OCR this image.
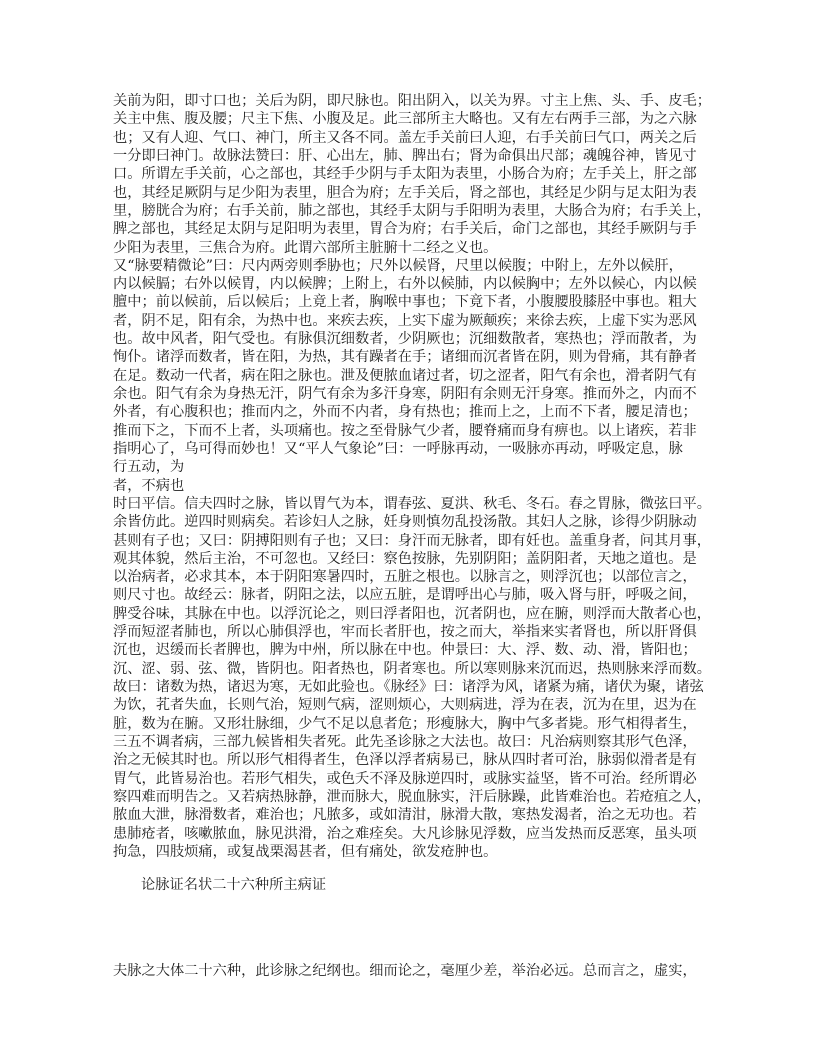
关前为阳，即寸口也；关后为阴，即尺脉也。阳出阴入，以关为界。寸主上焦、头、手、皮毛；
关主中焦、腹及腰；尺主下焦、小腹及足。此三部所主大略也。又有左右两手三部，为之六脉
也；又有人迎、气口、神门，所主又各不同。盖左手关前曰人迎，右手关前曰气口，两关之后
一分即曰神门。故脉法赞曰：肝、心出左，肺、脾出右；肾为命俱出尺部；魂魄谷神，皆见寸
口。所谓左手关前，心之部也，其经手少阴与手太阳为表里，小肠合为府；左手关上，肝之部
也，其经足厥阴与足少阳为表里，胆合为府；左手关后，肾之部也，其经足少阴与足太阳为表
里，膀胱合为府；右手关前，肺之部也，其经手太阴与手阳明为表里，大肠合为府；右手关上，
脾之部也，其经足太阴与足阳明为表里，胃合为府；右手关后，命门之部也，其经手厥阴与手
少阳为表里，三焦合为府。此谓六部所主脏腑十二经之义也。
又“脉要精微论”曰：尺内两旁则季胁也；尺外以候肾，尺里以候腹；中附上，左外以候肝，
内以候膈；右外以候胃，内以候脾；上附上，右外以候肺，内以候胸中；左外以候心，内以候
膻中；前以候前，后以候后；上竟上者，胸喉中事也；下竟下者，小腹腰股膝胫中事也。粗大
者，阴不足，阳有余，为热中也。来疾去疾，上实下虚为厥颠疾；来徐去疾，上虚下实为恶风
也。故中风者，阳气受也。有脉俱沉细数者，少阴厥也；沉细数散者，寒热也；浮而散者，为
恂仆。诸浮而数者，皆在阳，为热，其有躁者在手；诸细而沉者皆在阴，则为骨痛，其有静者
在足。数动一代者，病在阳之脉也。泄及便脓血诸过者，切之涩者，阳气有余也，滑者阴气有
余也。阳气有余为身热无汗，阴气有余为多汗身寒，阴阳有余则无汗身寒。推而外之，内而不
外者，有心腹积也；推而内之，外而不内者，身有热也；推而上之，上而不下者，腰足清也；
推而下之，下而不上者，头项痛也。按之至骨脉气少者，腰脊痛而身有痹也。以上诸疾，若非
指明心了，乌可得而妙也！又“平人气象论”曰：一呼脉再动，一吸脉亦再动，呼吸定息，脉
行五动，为
者，不病也
时曰平信。信夫四时之脉，皆以胃气为本，谓春弦、夏洪、秋毛、冬石。春之胃脉，微弦曰平。
余皆仿此。逆四时则病矣。若诊妇人之脉，妊身则慎勿乱投汤散。其妇人之脉，诊得少阴脉动
甚则有子也；又曰：阴搏阳则有子也；又曰：身汗而无脉者，即有妊也。盖重身者，问其月事，
观其体貌，然后主治，不可忽也。又经曰：察色按脉，先别阴阳；盖阴阳者，天地之道也。是
以治病者，必求其本，本于阴阳寒暑四时，五脏之根也。以脉言之，则浮沉也；以部位言之，
则尺寸也。故经云：脉者，阴阳之法，以应五脏，是谓呼出心与肺，吸入肾与肝，呼吸之间，
脾受谷味，其脉在中也。以浮沉论之，则曰浮者阳也，沉者阴也，应在腑，则浮而大散者心也，
浮而短涩者肺也，所以心肺俱浮也，牢而长者肝也，按之而大，举指来实者肾也，所以肝肾俱
沉也，迟缓而长者脾也，脾为中州，所以脉在中也。仲景曰：大、浮、数、动、滑，皆阳也；
沉、涩、弱、弦、微，皆阴也。阳者热也，阴者寒也。所以寒则脉来沉而迟，热则脉来浮而数。
故曰：诸数为热，诸迟为寒，无如此验也。《脉经》曰：诸浮为风，诸紧为痛，诸伏为聚，诸弦
为饮，芤者失血，长则气治，短则气病，涩则烦心，大则病进，浮为在表，沉为在里，迟为在
脏，数为在腑。又形壮脉细，少气不足以息者危；形瘦脉大，胸中气多者毙。形气相得者生，
三五不调者病，三部九候皆相失者死。此先圣诊脉之大法也。故曰：凡治病则察其形气色泽，
治之无候其时也。所以形气相得者生，色泽以浮者病易已，脉从四时者可治，脉弱似滑者是有
胃气，此皆易治也。若形气相失，或色夭不泽及脉逆四时，或脉实益坚，皆不可治。经所谓必
察四难而明告之。又若病热脉静，泄而脉大，脱血脉实，汗后脉躁，此皆难治也。若疮疽之人，
脓血大泄，脉滑数者，难治也；凡脓多，或如清泔，脉滑大散，寒热发渴者，治之无功也。若
患肺疮者，咳嗽脓血，脉见洪滑，治之难痊矣。大凡诊脉见浮数，应当发热而反恶寒，虽头项
拘急，四肢烦痛，或复战栗渴甚者，但有痛处，欲发疮肿也。
论脉证名状二十六种所主病证
夫脉之大体二十六种，此诊脉之纪纲也。细而论之，毫厘少差，举治必远。总而言之，虚实，
